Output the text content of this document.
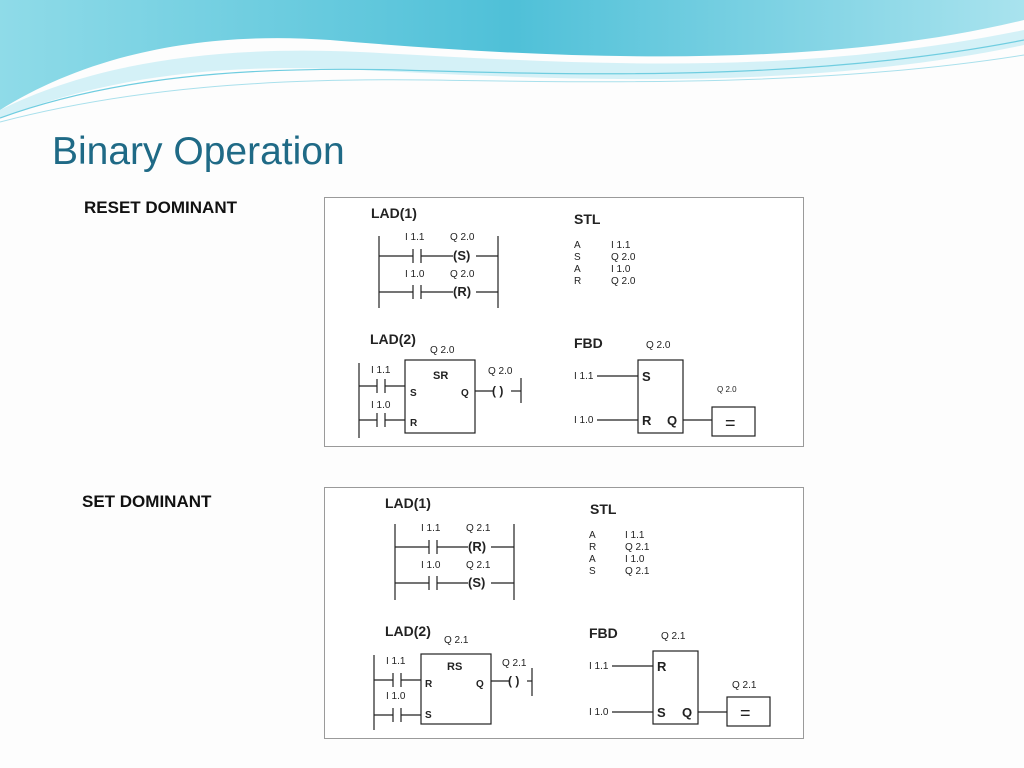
Binary Operation
RESET DOMINANT	LAD(1)
I 1.1	Q 2.0
(S)
I 1.0	Q 2.0
(R)
STL
A	I 1.1
S	Q 2.0
A	I 1.0
R	Q 2.0
LAD(2)
Q 2.0
I 1.1
I 1.0
SR
S
R
Q
Q 2.0
( )
FBD	Q 2.0
I 1.1
I 1.0
S
R Q
Q 2.0
=
SET DOMINANT	LAD(1)
I 1.1	Q 2.1
(R)
I 1.0	Q 2.1
(S)
STL
A	I 1.1
R	Q 2.1
A	I 1.0
S	Q 2.1
LAD(2)
Q 2.1
I 1.1
I 1.0
RS
R
S
Q
Q 2.1
( )
FBD	Q 2.1
I 1.1
I 1.0
R
S Q
Q 2.1
=
